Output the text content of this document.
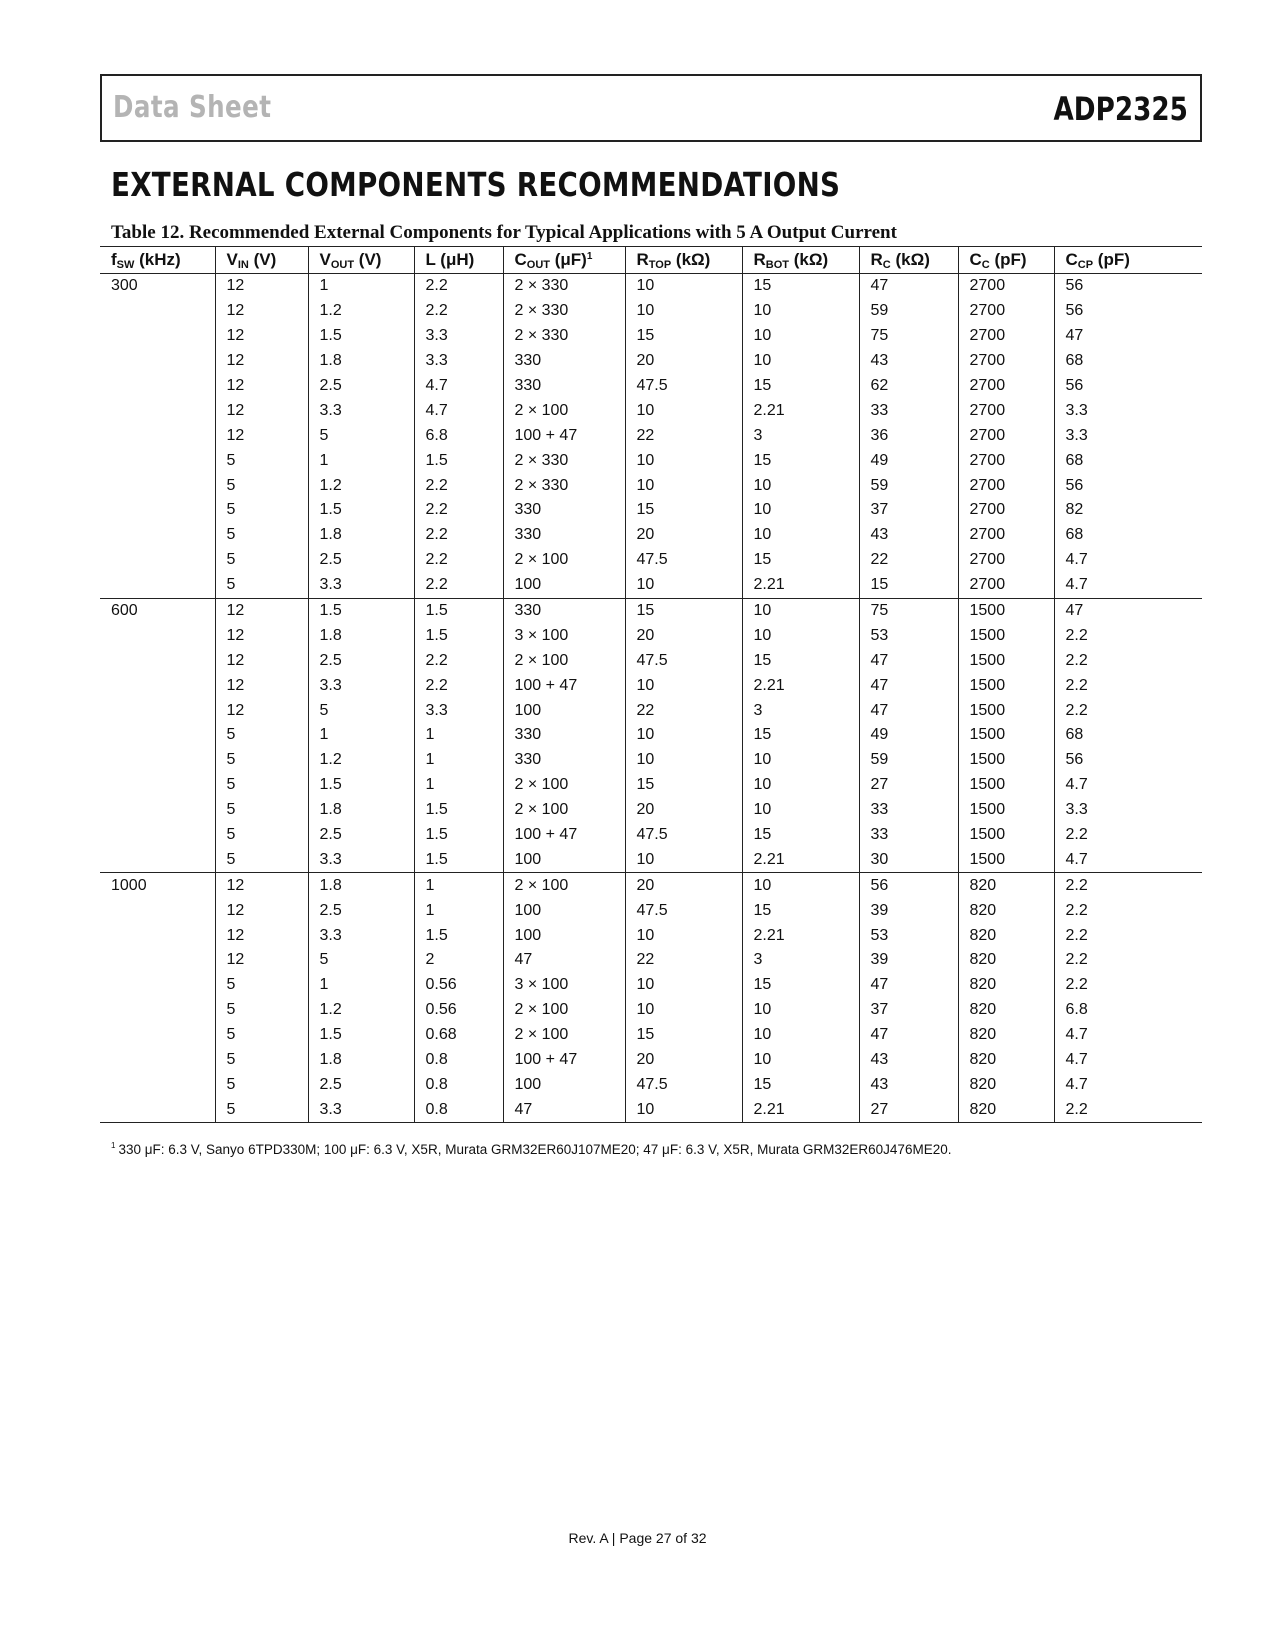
Data Sheet	ADP2325
EXTERNAL COMPONENTS RECOMMENDATIONS
Table 12. Recommended External Components for Typical Applications with 5 A Output Current
$f_{SW}$ (kHz)	$V_{IN}$ (V)	$V_{OUT}$ (V)	L (μH)	$C_{OUT}$ $(\mu F)^1$	$R_{TOP}$ (kΩ)	$R_{BOT}$ (kΩ)	$R_C$ (kΩ)	$C_C$ (pF)	$C_{CP}$ (pF)
300	12	1	2.2	2 × 330	10	15	47	2700	56
	12	1.2	2.2	2 × 330	10	10	59	2700	56
	12	1.5	3.3	2 × 330	15	10	75	2700	47
	12	1.8	3.3	330	20	10	43	2700	68
	12	2.5	4.7	330	47.5	15	62	2700	56
	12	3.3	4.7	2 × 100	10	2.21	33	2700	3.3
	12	5	6.8	100 + 47	22	3	36	2700	3.3
	5	1	1.5	2 × 330	10	15	49	2700	68
	5	1.2	2.2	2 × 330	10	10	59	2700	56
	5	1.5	2.2	330	15	10	37	2700	82
	5	1.8	2.2	330	20	10	43	2700	68
	5	2.5	2.2	2 × 100	47.5	15	22	2700	4.7
	5	3.3	2.2	100	10	2.21	15	2700	4.7
600	12	1.5	1.5	330	15	10	75	1500	47
	12	1.8	1.5	3 × 100	20	10	53	1500	2.2
	12	2.5	2.2	2 × 100	47.5	15	47	1500	2.2
	12	3.3	2.2	100 + 47	10	2.21	47	1500	2.2
	12	5	3.3	100	22	3	47	1500	2.2
	5	1	1	330	10	15	49	1500	68
	5	1.2	1	330	10	10	59	1500	56
	5	1.5	1	2 × 100	15	10	27	1500	4.7
	5	1.8	1.5	2 × 100	20	10	33	1500	3.3
	5	2.5	1.5	100 + 47	47.5	15	33	1500	2.2
	5	3.3	1.5	100	10	2.21	30	1500	4.7
1000	12	1.8	1	2 × 100	20	10	56	820	2.2
	12	2.5	1	100	47.5	15	39	820	2.2
	12	3.3	1.5	100	10	2.21	53	820	2.2
	12	5	2	47	22	3	39	820	2.2
	5	1	0.56	3 × 100	10	15	47	820	2.2
	5	1.2	0.56	2 × 100	10	10	37	820	6.8
	5	1.5	0.68	2 × 100	15	10	47	820	4.7
	5	1.8	0.8	100 + 47	20	10	43	820	4.7
	5	2.5	0.8	100	47.5	15	43	820	4.7
	5	3.3	0.8	47	10	2.21	27	820	2.2
$^1$ 330 μF: 6.3 V, Sanyo 6TPD330M; 100 μF: 6.3 V, X5R, Murata GRM32ER60J107ME20; 47 μF: 6.3 V, X5R, Murata GRM32ER60J476ME20.
Rev. A | Page 27 of 32
